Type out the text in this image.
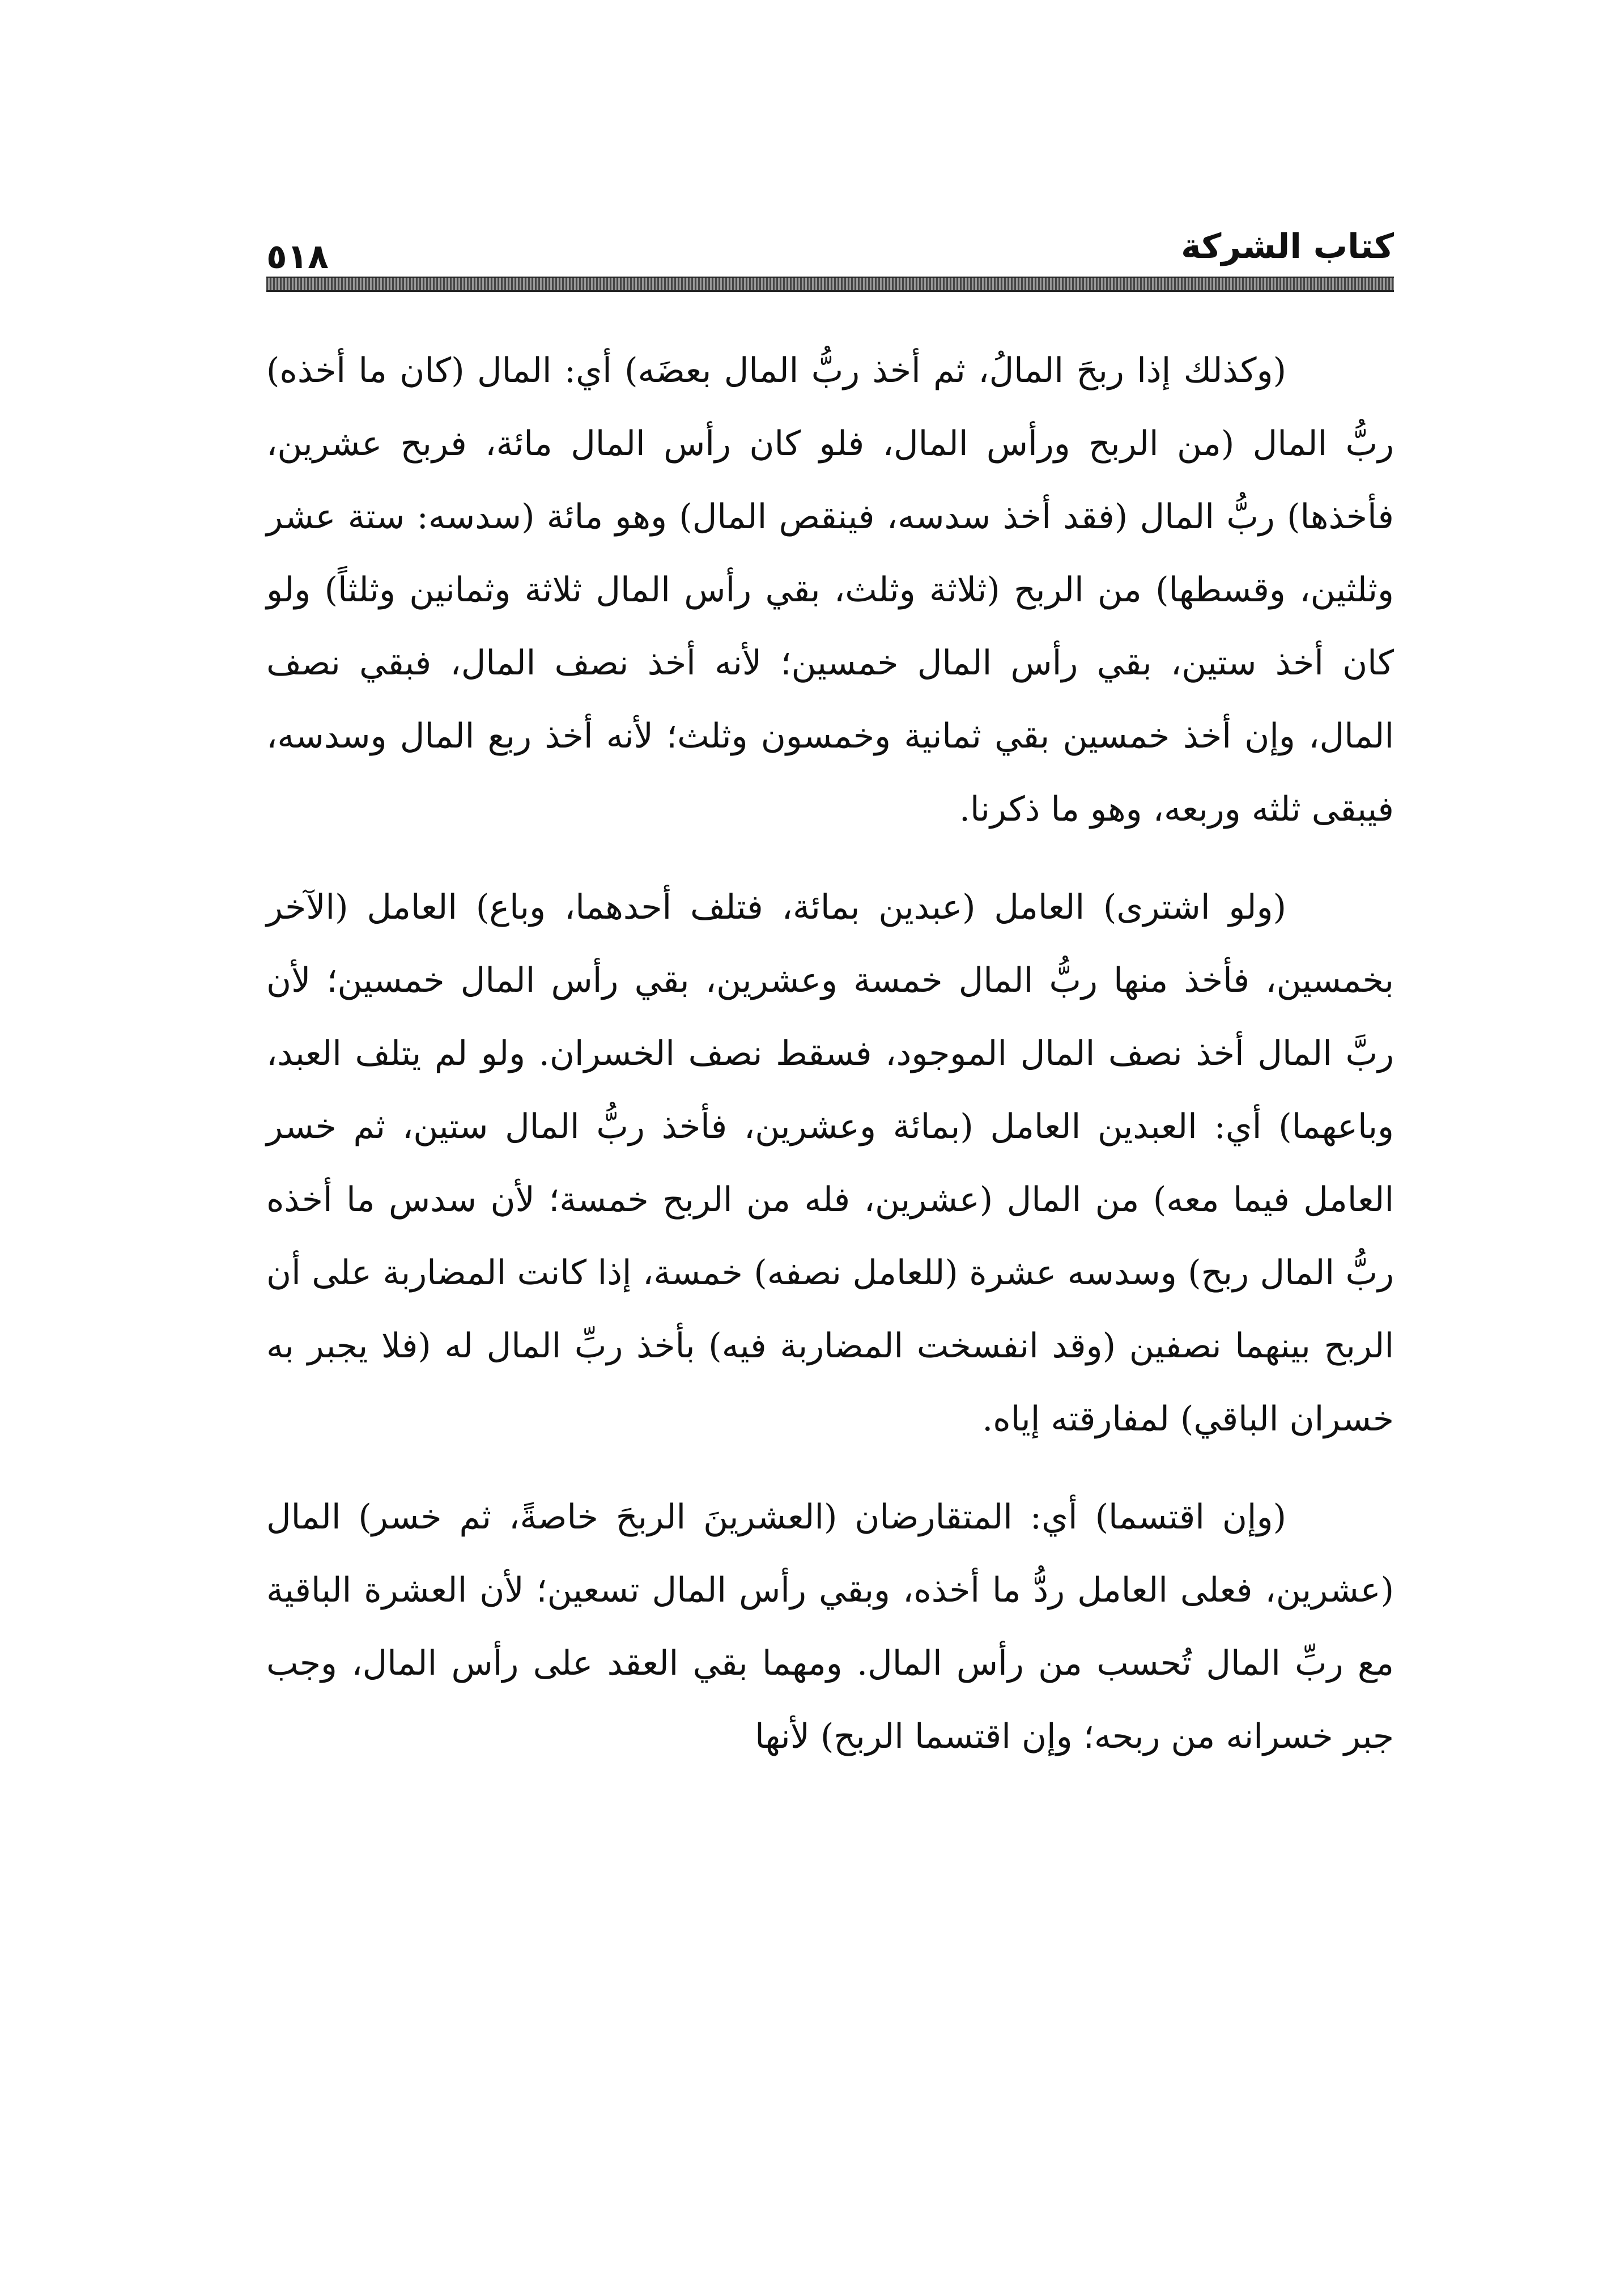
٥١٨	كتاب الشركة

(وكذلك إذا ربحَ المالُ، ثم أخذ ربُّ المال بعضَه) أي: المال (كان ما أخذه) ربُّ المال (من الربح ورأس المال، فلو كان رأس المال مائة، فربح عشرين، فأخذها) ربُّ المال (فقد أخذ سدسه، فينقص المال) وهو مائة (سدسه: ستة عشر وثلثين، وقسطها) من الربح (ثلاثة وثلث، بقي رأس المال ثلاثة وثمانين وثلثاً) ولو كان أخذ ستين، بقي رأس المال خمسين؛ لأنه أخذ نصف المال، فبقي نصف المال، وإن أخذ خمسين بقي ثمانية وخمسون وثلث؛ لأنه أخذ ربع المال وسدسه، فيبقى ثلثه وربعه، وهو ما ذكرنا.

(ولو اشترى) العامل (عبدين بمائة، فتلف أحدهما، وباع) العامل (الآخر بخمسين، فأخذ منها ربُّ المال خمسة وعشرين، بقي رأس المال خمسين؛ لأن ربَّ المال أخذ نصف المال الموجود، فسقط نصف الخسران. ولو لم يتلف العبد، وباعهما) أي: العبدين العامل (بمائة وعشرين، فأخذ ربُّ المال ستين، ثم خسر العامل فيما معه) من المال (عشرين، فله من الربح خمسة؛ لأن سدس ما أخذه ربُّ المال ربح) وسدسه عشرة (للعامل نصفه) خمسة، إذا كانت المضاربة على أن الربح بينهما نصفين (وقد انفسخت المضاربة فيه) بأخذ ربِّ المال له (فلا يجبر به خسران الباقي) لمفارقته إياه.

(وإن اقتسما) أي: المتقارضان (العشرينَ الربحَ خاصةً، ثم خسر) المال (عشرين، فعلى العامل ردُّ ما أخذه، وبقي رأس المال تسعين؛ لأن العشرة الباقية مع ربِّ المال تُحسب من رأس المال. ومهما بقي العقد على رأس المال، وجب جبر خسرانه من ربحه؛ وإن اقتسما الربح) لأنها
